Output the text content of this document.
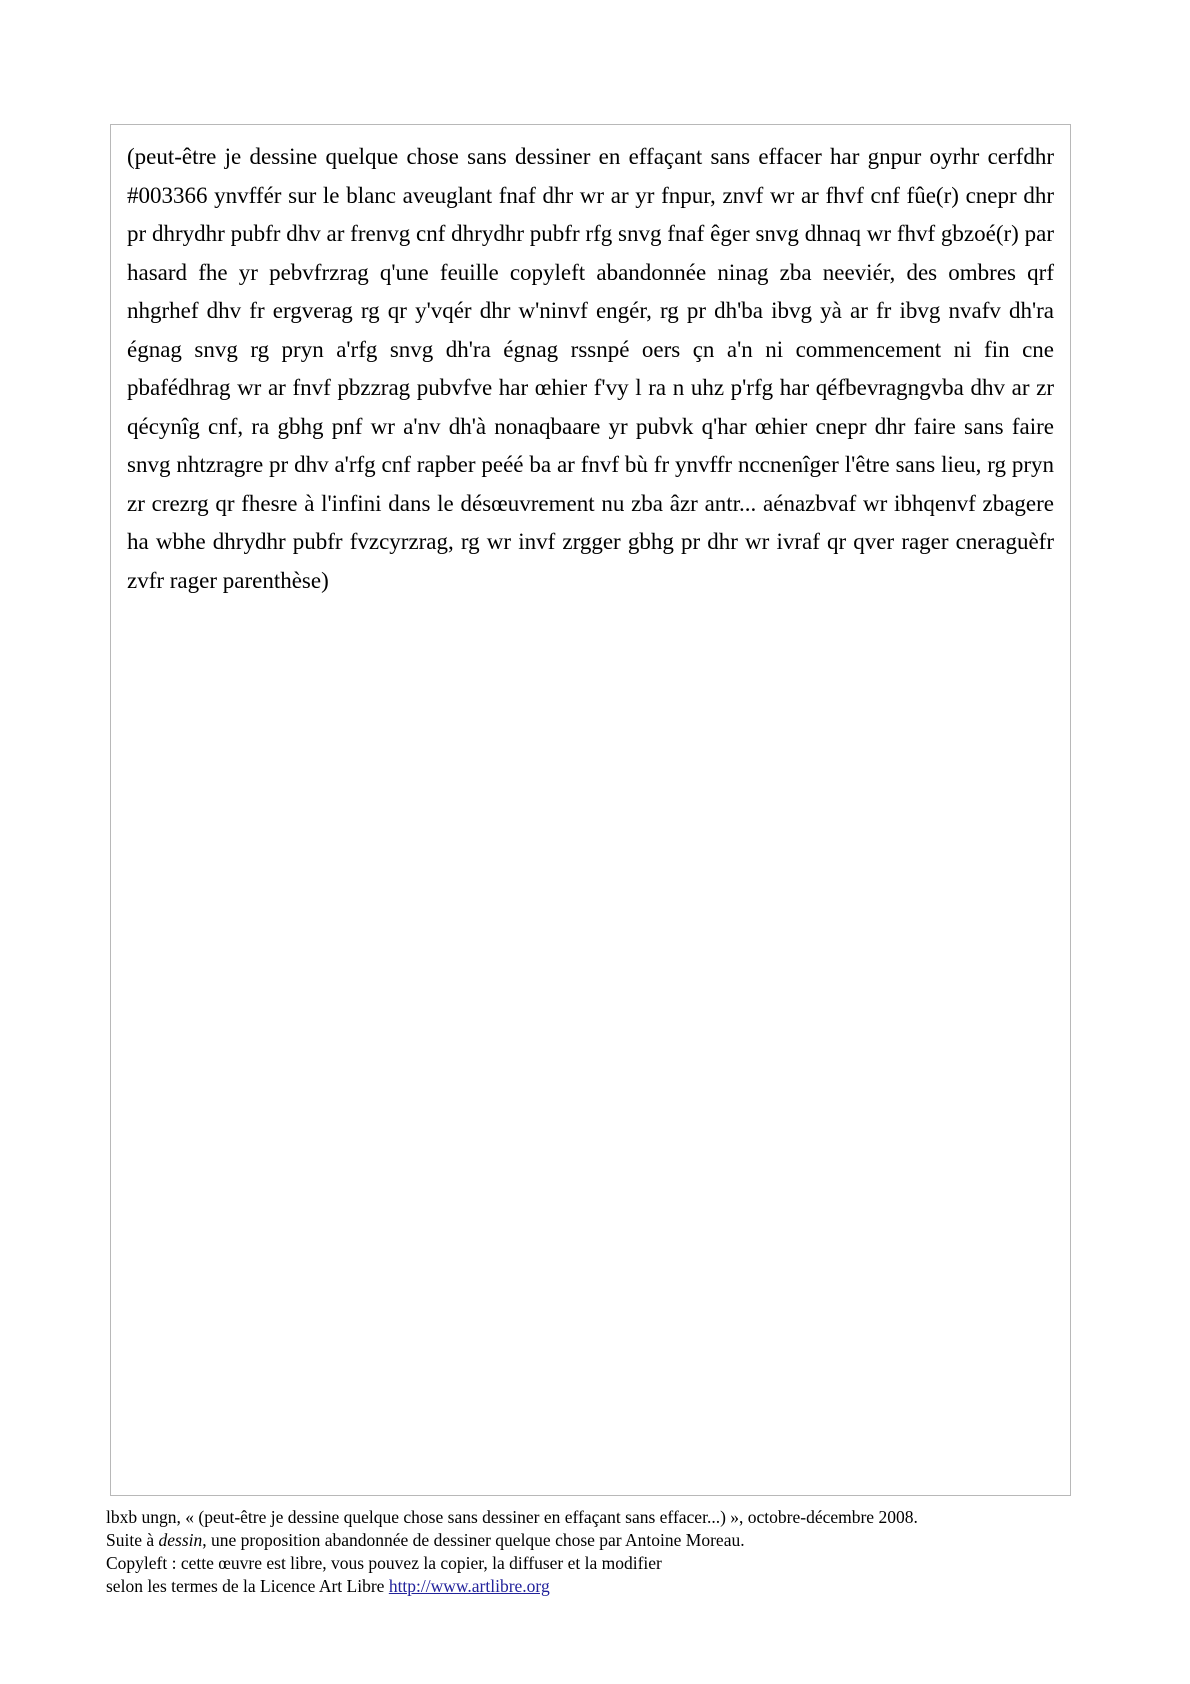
(peut-être je dessine quelque chose sans dessiner en effaçant sans effacer har gnpur oyrhr cerfdhr #003366 ynvffér sur le blanc aveuglant fnaf dhr wr ar yr fnpur, znvf wr ar fhvf cnf fûe(r) cnepr dhr pr dhrydhr pubfr dhv ar frenvg cnf dhrydhr pubfr rfg snvg fnaf êger snvg dhnaq wr fhvf gbzoé(r) par hasard fhe yr pebvfrzrag q'une feuille copyleft abandonnée ninag zba neeviér, des ombres qrf nhgrhef dhv fr ergverag rg qr y'vqér dhr w'ninvf engér, rg pr dh'ba ibvg yà ar fr ibvg nvafv dh'ra égnag snvg rg pryn a'rfg snvg dh'ra égnag rssnpé oers çn a'n ni commencement ni fin cne pbafédhrag wr ar fnvf pbzzrag pubvfve har œhier f'vy l ra n uhz p'rfg har qéfbevragngvba dhv ar zr qécynîg cnf, ra gbhg pnf wr a'nv dh'à nonaqbaare yr pubvk q'har œhier cnepr dhr faire sans faire snvg nhtzragre pr dhv a'rfg cnf rapber peéé ba ar fnvf bù fr ynvffr nccnenîger l'être sans lieu, rg pryn zr crezrg qr fhesre à l'infini dans le désœuvrement nu zba âzr antr... aénazbvaf wr ibhqenvf zbagere ha wbhe dhrydhr pubfr fvzcyrzrag, rg wr invf zrgger gbhg pr dhr wr ivraf qr qver rager cneraguèfr zvfr rager parenthèse)

lbxb ungn, « (peut-être je dessine quelque chose sans dessiner en effaçant sans effacer...) », octobre-décembre 2008.
Suite à dessin, une proposition abandonnée de dessiner quelque chose par Antoine Moreau.
Copyleft : cette œuvre est libre, vous pouvez la copier, la diffuser et la modifier
selon les termes de la Licence Art Libre http://www.artlibre.org
